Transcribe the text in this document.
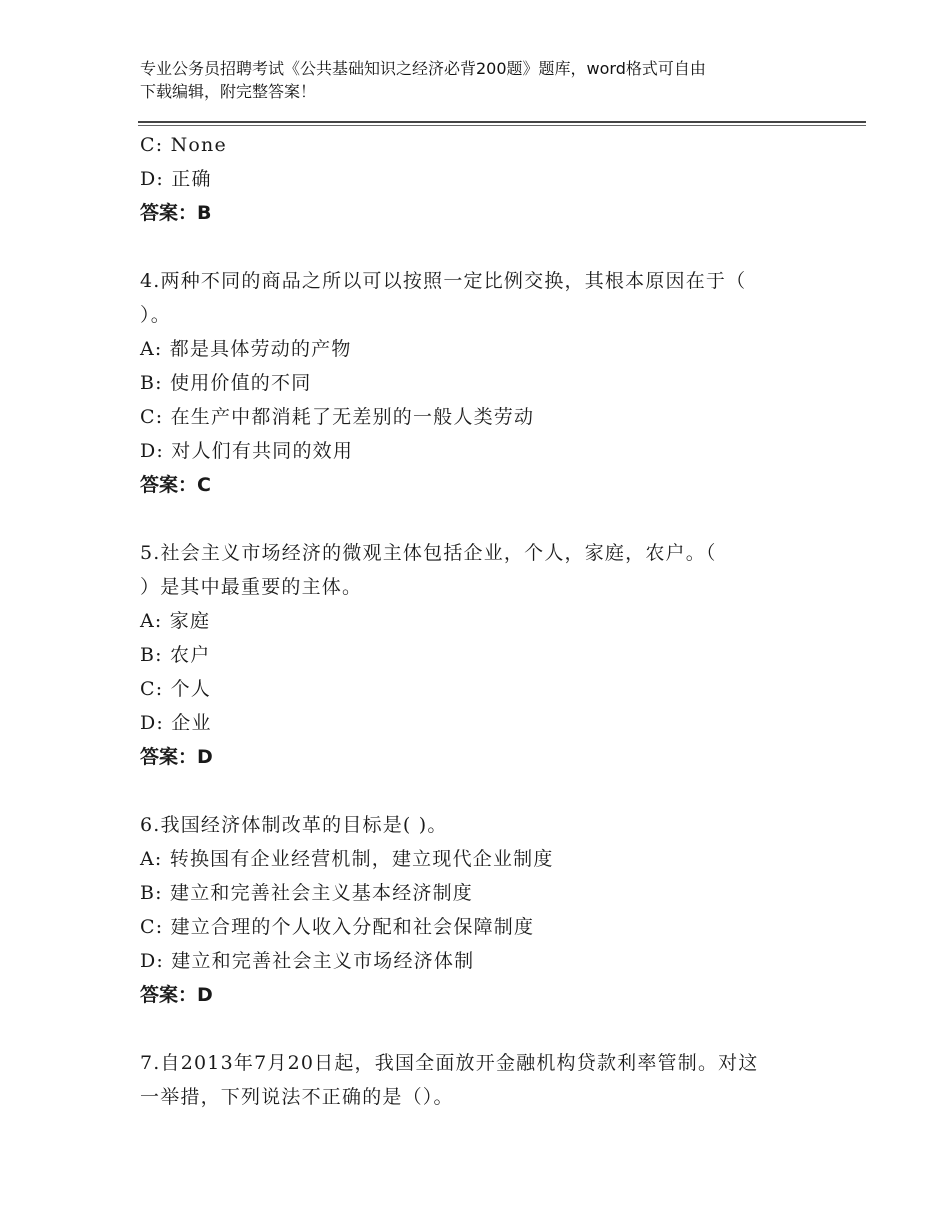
专业公务员招聘考试《公共基础知识之经济必背200题》题库，word格式可自由
下载编辑，附完整答案！
C: None
D: 正确
答案：B
4.两种不同的商品之所以可以按照一定比例交换，其根本原因在于（
）。
A: 都是具体劳动的产物
B: 使用价值的不同
C: 在生产中都消耗了无差别的一般人类劳动
D: 对人们有共同的效用
答案：C
5.社会主义市场经济的微观主体包括企业，个人，家庭，农户。（
）是其中最重要的主体。
A: 家庭
B: 农户
C: 个人
D: 企业
答案：D
6.我国经济体制改革的目标是( )。
A: 转换国有企业经营机制，建立现代企业制度
B: 建立和完善社会主义基本经济制度
C: 建立合理的个人收入分配和社会保障制度
D: 建立和完善社会主义市场经济体制
答案：D
7.自2013年7月20日起，我国全面放开金融机构贷款利率管制。对这
一举措，下列说法不正确的是（）。
